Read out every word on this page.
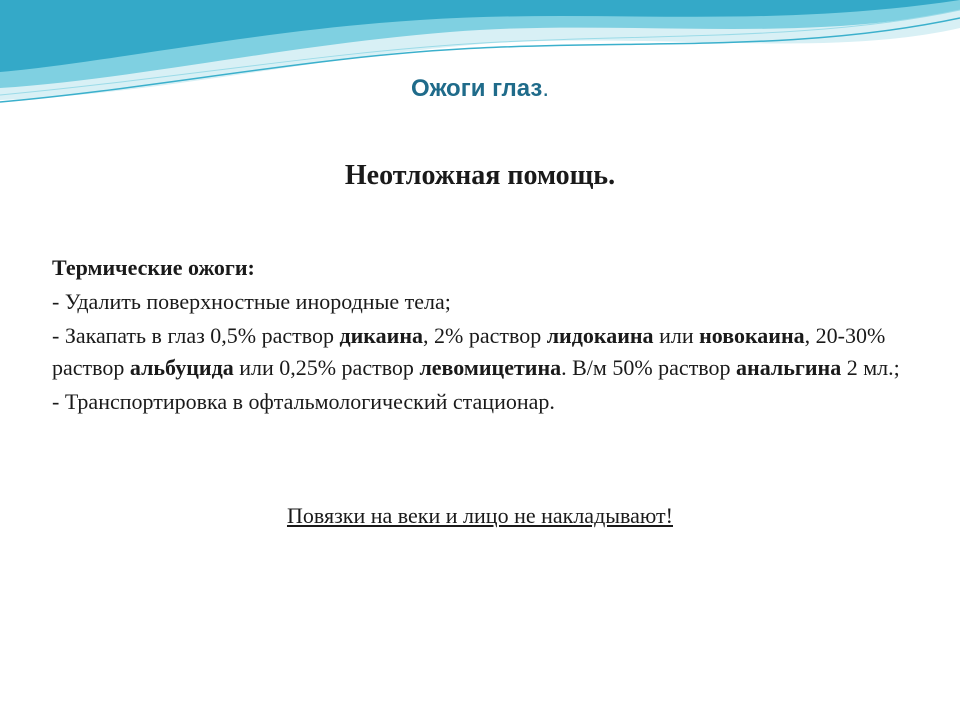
Ожоги глаз.
Неотложная помощь.

Термические ожоги:

- Удалить поверхностные инородные тела;

- Закапать в глаз 0,5% раствор дикаина, 2% раствор лидокаина или новокаина, 20-30% раствор альбуцида или 0,25% раствор левомицетина. В/м 50% раствор анальгина 2 мл.;

- Транспортировка в офтальмологический стационар.

Повязки на веки и лицо не накладывают!
